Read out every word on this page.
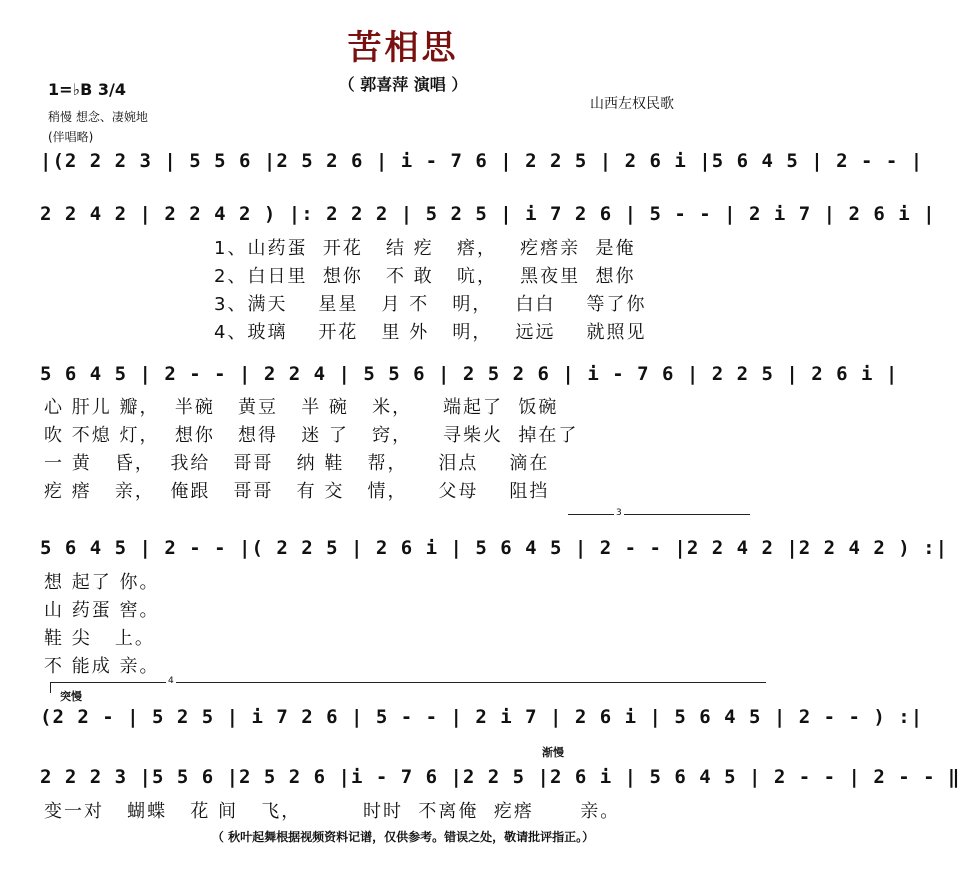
苦相思
（ 郭喜萍 演唱 ）
山西左权民歌
1=♭B 3/4
稍慢 想念、凄婉地
(伴唱略)
|(2 2 2 3 | 5 5 6 |2 5 2 6 | i - 7 6 | 2 2 5 | 2 6 i |5 6 4 5 | 2 - - |
2 2 4 2 | 2 2 4 2 ) |: 2 2 2 | 5 2 5 | i 7 2 6 | 5 - - | 2 i 7 | 2 6 i |
1、山药蛋  开花   结 疙   瘩，   疙瘩亲  是俺
2、白日里  想你   不 敢   吭，   黑夜里  想你
3、满天    星星   月 不   明，   白白    等了你
4、玻璃    开花   里 外   明，   远远    就照见
5 6 4 5 | 2 - - | 2 2 4 | 5 5 6 | 2 5 2 6 | i - 7 6 | 2 2 5 | 2 6 i |
心 肝儿 瓣，  半碗   黄豆   半 碗   米，    端起了  饭碗
吹 不熄 灯，  想你   想得   迷 了   窍，    寻柴火  掉在了
一 黄   昏，  我给   哥哥   纳 鞋   帮，    泪点    滴在
疙 瘩   亲，  俺跟   哥哥   有 交   情，    父母    阻挡
3
5 6 4 5 | 2 - - |( 2 2 5 | 2 6 i | 5 6 4 5 | 2 - - |2 2 4 2 |2 2 4 2 ) :|
想 起了 你。
山 药蛋 窖。
鞋 尖   上。
不 能成 亲。
4
突慢
(2 2 - | 5 2 5 | i 7 2 6 | 5 - - | 2 i 7 | 2 6 i | 5 6 4 5 | 2 - - ) :|
渐慢
2 2 2 3 |5 5 6 |2 5 2 6 |i - 7 6 |2 2 5 |2 6 i | 5 6 4 5 | 2 - - | 2 - - ‖
变一对   蝴蝶   花 间   飞，        时时  不离俺  疙瘩      亲。
（ 秋叶起舞根据视频资料记谱，仅供参考。错误之处，敬请批评指正。）
